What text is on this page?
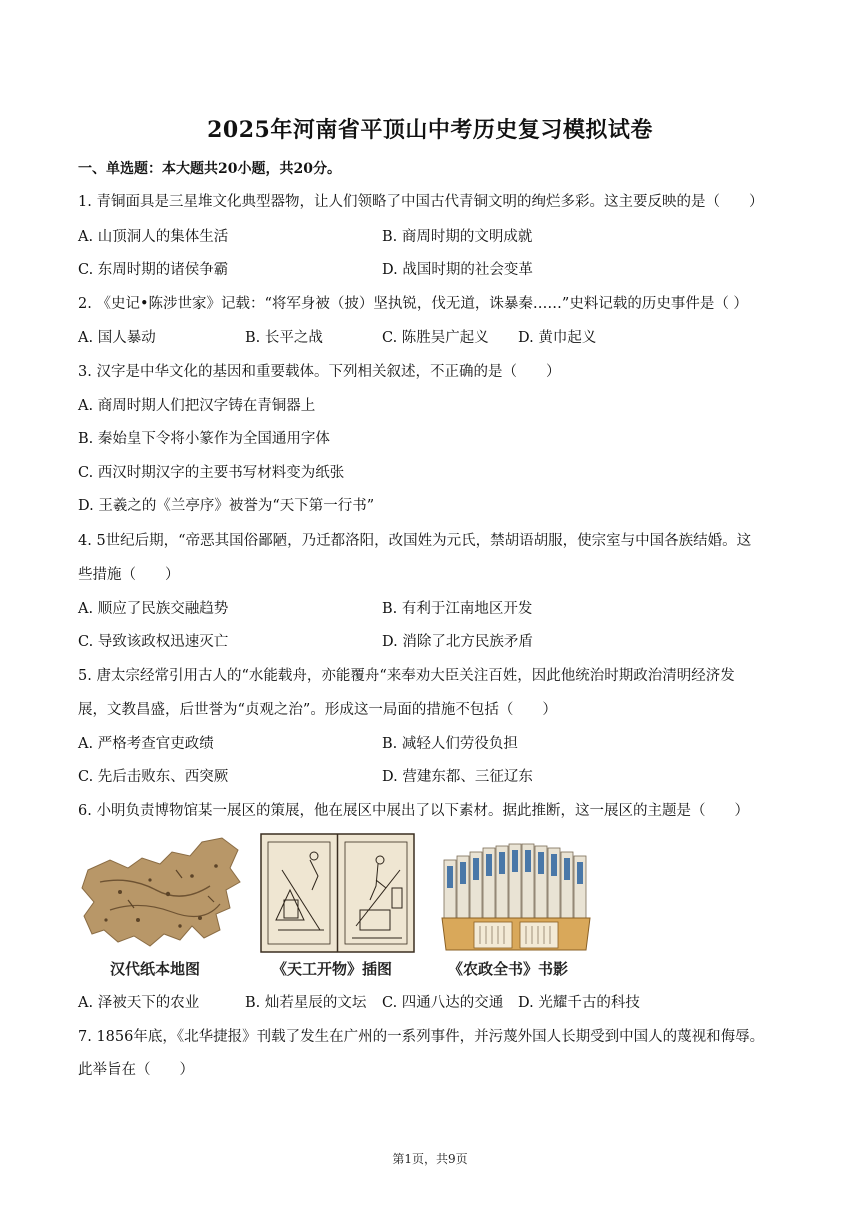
2025年河南省平顶山中考历史复习模拟试卷
一、单选题：本大题共20小题，共20分。
1. 青铜面具是三星堆文化典型器物，让人们领略了中国古代青铜文明的绚烂多彩。这主要反映的是（　　）
A. 山顶洞人的集体生活	B. 商周时期的文明成就
C. 东周时期的诸侯争霸	D. 战国时期的社会变革
2. 《史记•陈涉世家》记载：“将军身被（披）坚执锐，伐无道，诛暴秦……”史料记载的历史事件是（ ）
A. 国人暴动	B. 长平之战	C. 陈胜吴广起义 D. 黄巾起义
3. 汉字是中华文化的基因和重要载体。下列相关叙述，不正确的是（　　）
A. 商周时期人们把汉字铸在青铜器上
B. 秦始皇下令将小篆作为全国通用字体
C. 西汉时期汉字的主要书写材料变为纸张
D. 王羲之的《兰亭序》被誉为“天下第一行书”
4. 5世纪后期，“帝恶其国俗鄙陋，乃迁都洛阳，改国姓为元氏，禁胡语胡服，使宗室与中国各族结婚。这
些措施（　　）
A. 顺应了民族交融趋势	B. 有利于江南地区开发
C. 导致该政权迅速灭亡	D. 消除了北方民族矛盾
5. 唐太宗经常引用古人的“水能载舟，亦能覆舟“来奉劝大臣关注百姓，因此他统治时期政治清明经济发
展，文教昌盛，后世誉为“贞观之治”。形成这一局面的措施不包括（　　）
A. 严格考查官吏政绩	B. 减轻人们劳役负担
C. 先后击败东、西突厥	D. 营建东都、三征辽东
6. 小明负责博物馆某一展区的策展，他在展区中展出了以下素材。据此推断，这一展区的主题是（　　）
汉代纸本地图	《天工开物》插图	《农政全书》书影
A. 泽被天下的农业	B. 灿若星辰的文坛 C. 四通八达的交通 D. 光耀千古的科技
7. 1856年底，《北华捷报》刊载了发生在广州的一系列事件，并污蔑外国人长期受到中国人的蔑视和侮辱。
此举旨在（　　）
第1页，共9页
